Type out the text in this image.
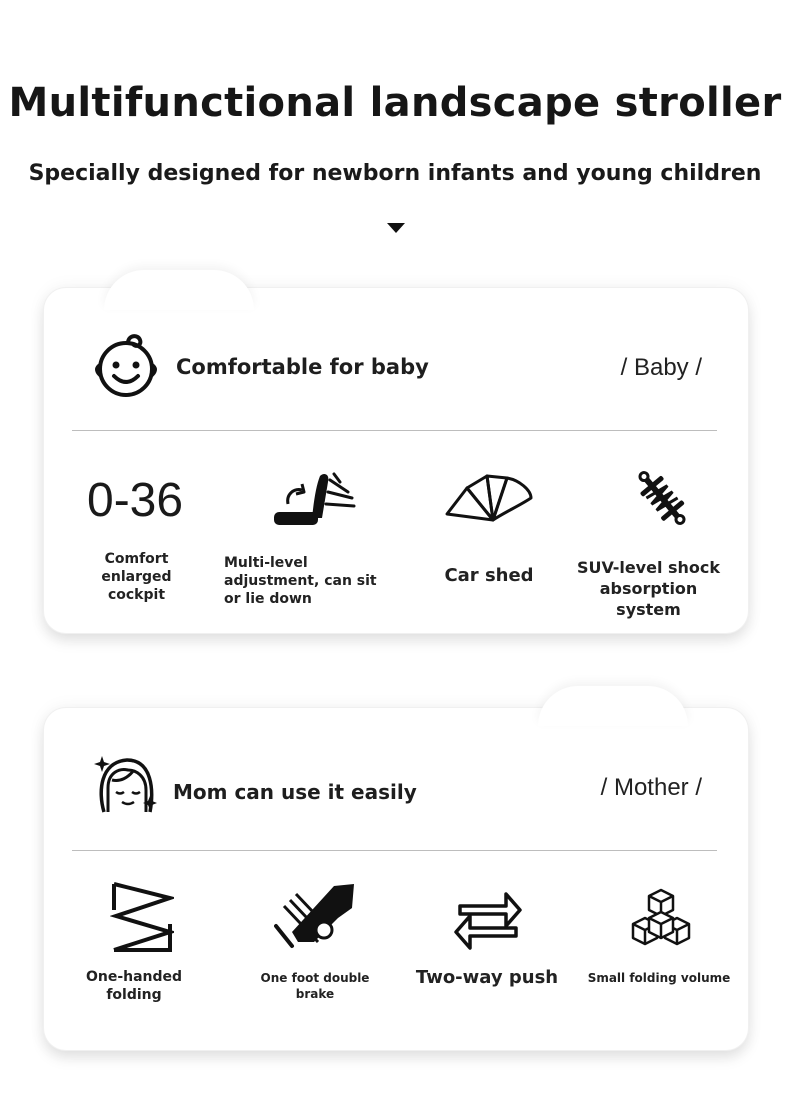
Multifunctional landscape stroller
Specially designed for newborn infants and young children
Comfortable for baby	/ Baby /
0-36
Comfort enlarged cockpit
Multi-level adjustment, can sit or lie down
Car shed	SUV-level shock absorption system
Mom can use it easily	/ Mother /
One-handed folding
One foot double brake
Two-way push	Small folding volume
